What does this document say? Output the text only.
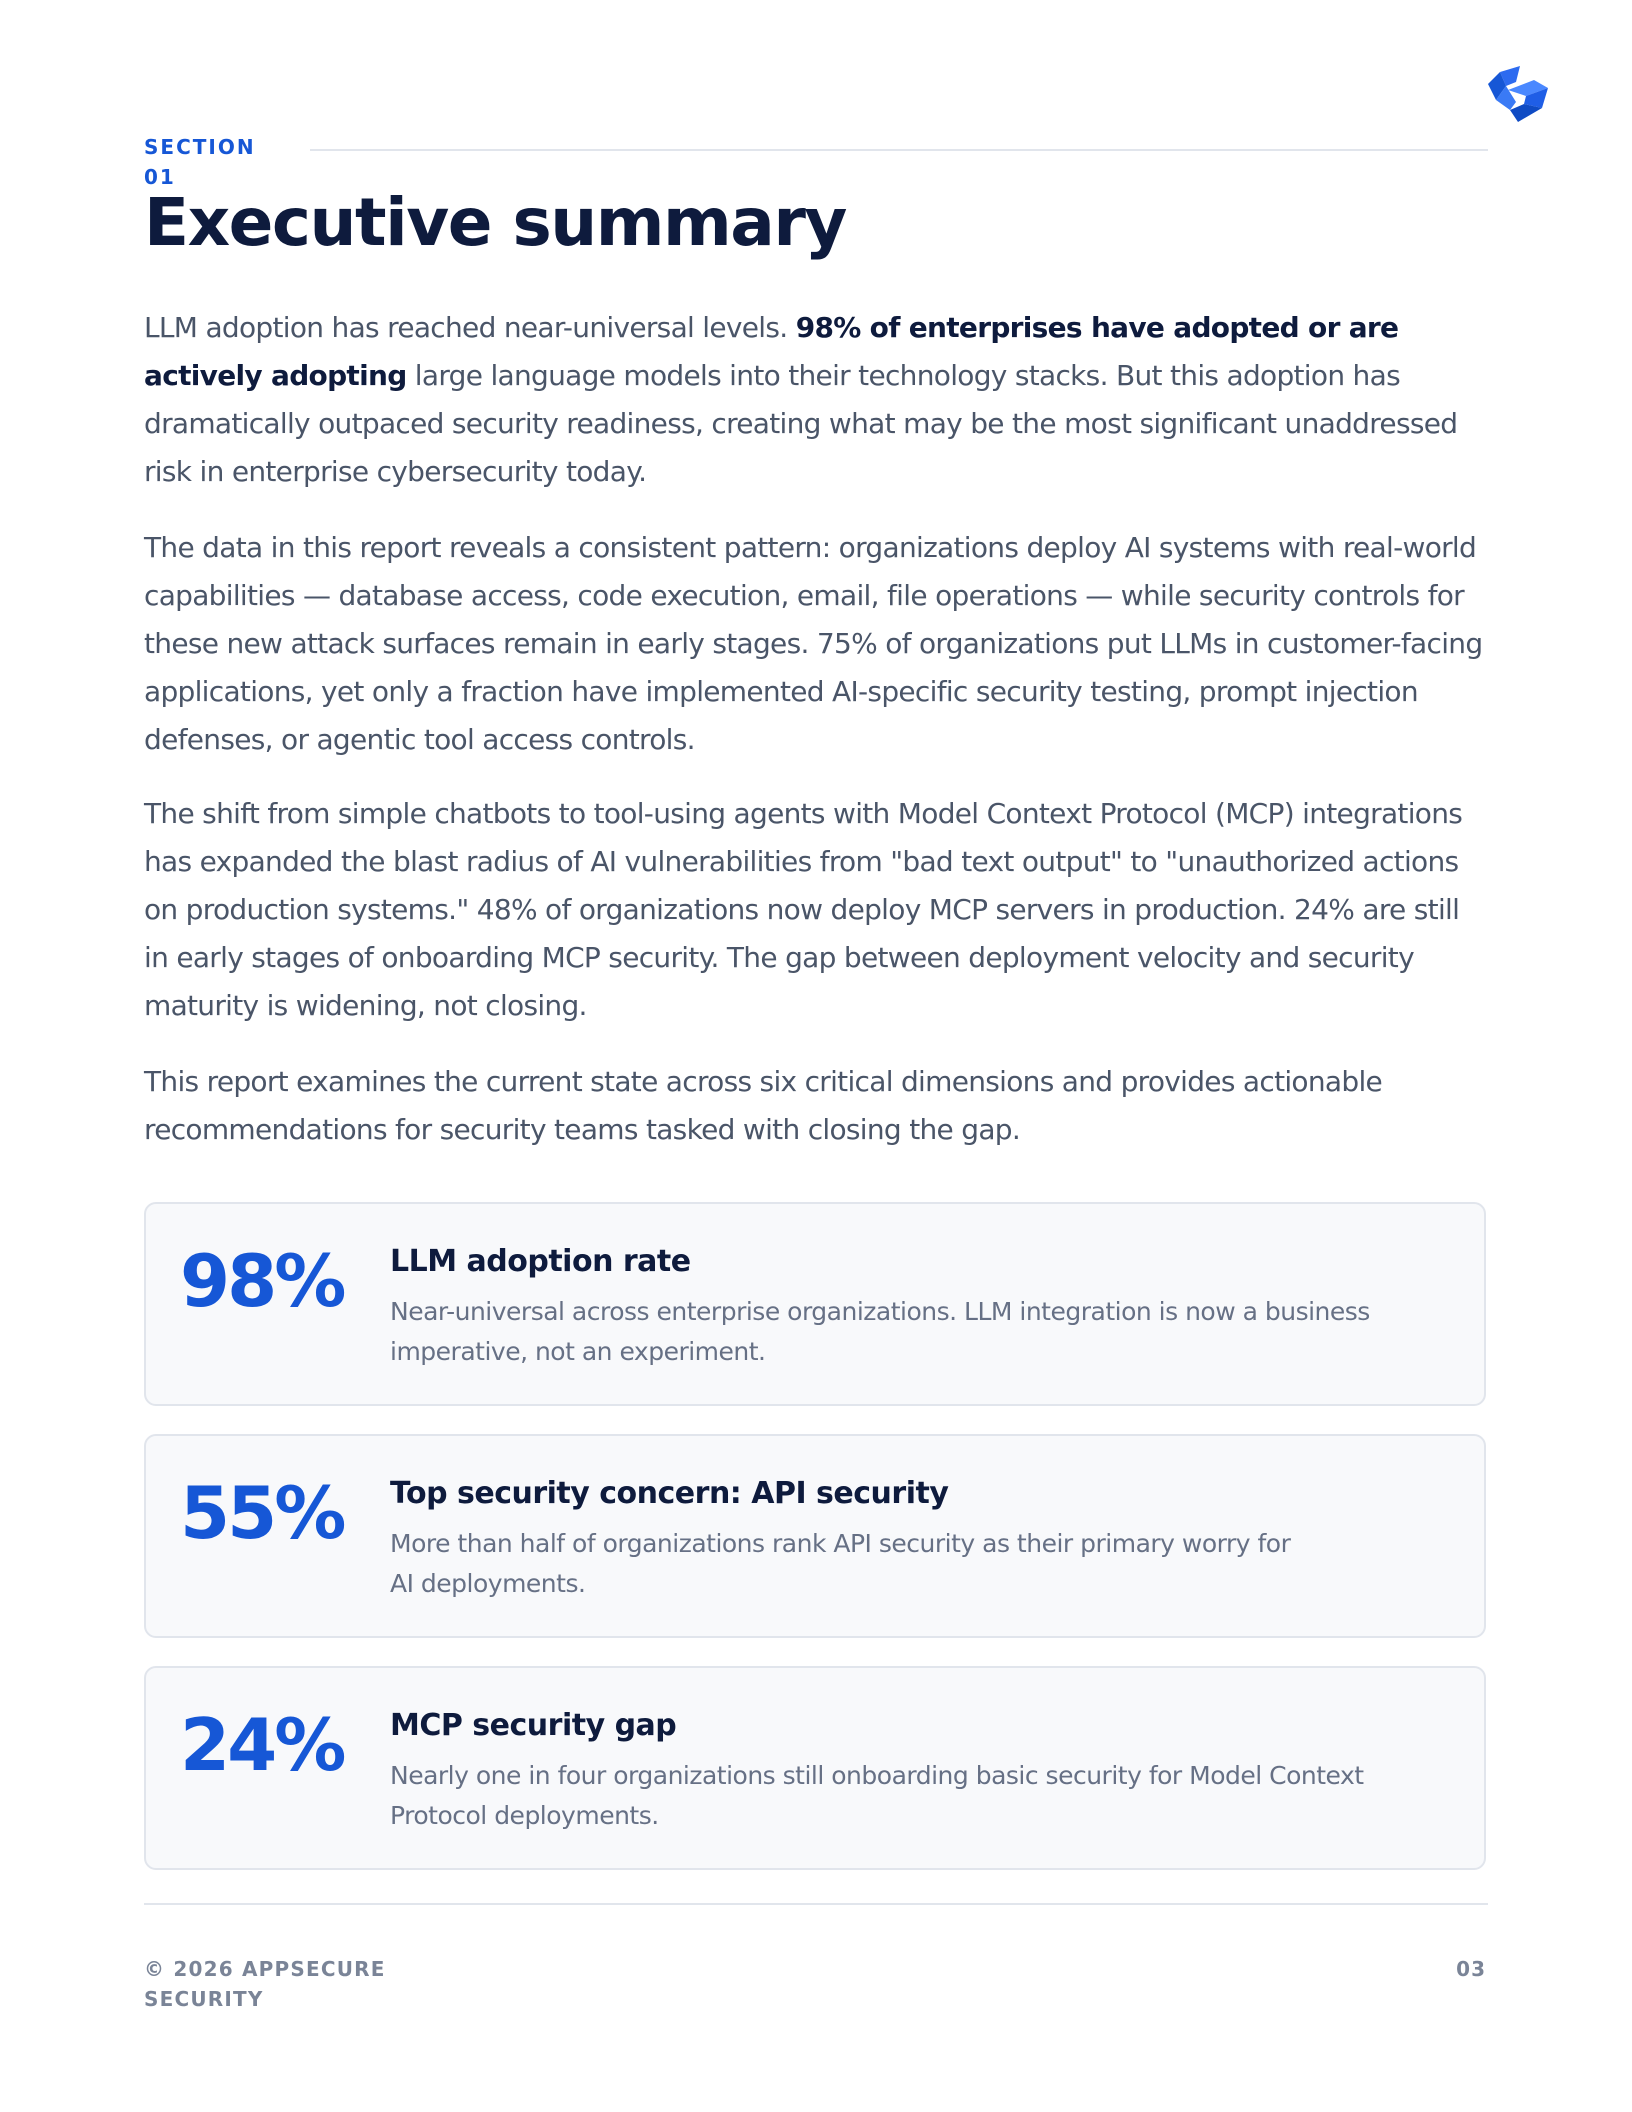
SECTION
01
Executive summary

LLM adoption has reached near-universal levels. 98% of enterprises have adopted or are actively adopting large language models into their technology stacks. But this adoption has dramatically outpaced security readiness, creating what may be the most significant unaddressed risk in enterprise cybersecurity today.

The data in this report reveals a consistent pattern: organizations deploy AI systems with real-world capabilities — database access, code execution, email, file operations — while security controls for these new attack surfaces remain in early stages. 75% of organizations put LLMs in customer-facing applications, yet only a fraction have implemented AI-specific security testing, prompt injection defenses, or agentic tool access controls.

The shift from simple chatbots to tool-using agents with Model Context Protocol (MCP) integrations has expanded the blast radius of AI vulnerabilities from "bad text output" to "unauthorized actions on production systems." 48% of organizations now deploy MCP servers in production. 24% are still in early stages of onboarding MCP security. The gap between deployment velocity and security maturity is widening, not closing.

This report examines the current state across six critical dimensions and provides actionable recommendations for security teams tasked with closing the gap.

98% LLM adoption rate
Near-universal across enterprise organizations. LLM integration is now a business imperative, not an experiment.
55% Top security concern: API security
More than half of organizations rank API security as their primary worry for AI deployments.
24% MCP security gap
Nearly one in four organizations still onboarding basic security for Model Context Protocol deployments.
© 2026 APPSECURE
SECURITY
03
